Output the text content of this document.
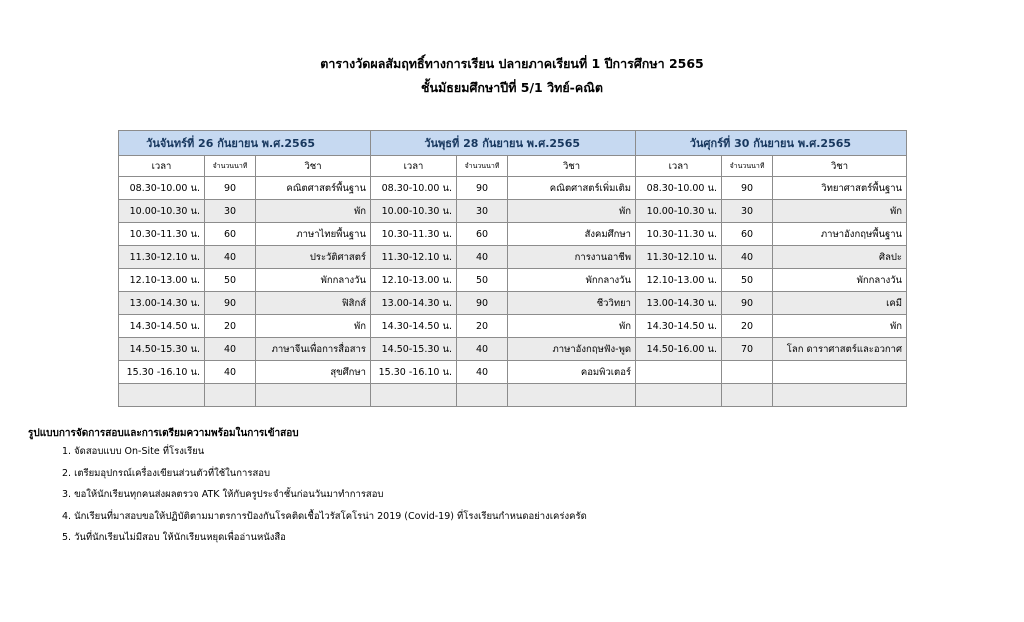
ตารางวัดผลสัมฤทธิ์ทางการเรียน ปลายภาคเรียนที่ 1 ปีการศึกษา 2565
ชั้นมัธยมศึกษาปีที่ 5/1 วิทย์-คณิต
วันจันทร์ที่ 26 กันยายน พ.ศ.2565			วันพุธที่ 28 กันยายน พ.ศ.2565			วันศุกร์ที่ 30 กันยายน พ.ศ.2565		
เวลา	จำนวนนาที	วิชา	เวลา	จำนวนนาที	วิชา	เวลา	จำนวนนาที	วิชา
08.30-10.00 น.	90	คณิตศาสตร์พื้นฐาน	08.30-10.00 น.	90	คณิตศาสตร์เพิ่มเติม	08.30-10.00 น.	90	วิทยาศาสตร์พื้นฐาน
10.00-10.30 น.	30	พัก	10.00-10.30 น.	30	พัก	10.00-10.30 น.	30	พัก
10.30-11.30 น.	60	ภาษาไทยพื้นฐาน	10.30-11.30 น.	60	สังคมศึกษา	10.30-11.30 น.	60	ภาษาอังกฤษพื้นฐาน
11.30-12.10 น.	40	ประวัติศาสตร์	11.30-12.10 น.	40	การงานอาชีพ	11.30-12.10 น.	40	ศิลปะ
12.10-13.00 น.	50	พักกลางวัน	12.10-13.00 น.	50	พักกลางวัน	12.10-13.00 น.	50	พักกลางวัน
13.00-14.30 น.	90	ฟิสิกส์	13.00-14.30 น.	90	ชีววิทยา	13.00-14.30 น.	90	เคมี
14.30-14.50 น.	20	พัก	14.30-14.50 น.	20	พัก	14.30-14.50 น.	20	พัก
14.50-15.30 น.	40	ภาษาจีนเพื่อการสื่อสาร	14.50-15.30 น.	40	ภาษาอังกฤษฟัง-พูด	14.50-16.00 น.	70	โลก ดาราศาสตร์และอวกาศ
15.30 -16.10 น.	40	สุขศึกษา	15.30 -16.10 น.	40	คอมพิวเตอร์			

รูปแบบการจัดการสอบและการเตรียมความพร้อมในการเข้าสอบ
1. จัดสอบแบบ On-Site ที่โรงเรียน
2. เตรียมอุปกรณ์เครื่องเขียนส่วนตัวที่ใช้ในการสอบ
3. ขอให้นักเรียนทุกคนส่งผลตรวจ ATK ให้กับครูประจำชั้นก่อนวันมาทำการสอบ
4. นักเรียนที่มาสอบขอให้ปฏิบัติตามมาตรการป้องกันโรคติดเชื้อไวรัสโคโรน่า 2019 (Covid-19) ที่โรงเรียนกำหนดอย่างเคร่งครัด
5. วันที่นักเรียนไม่มีสอบ ให้นักเรียนหยุดเพื่ออ่านหนังสือ
